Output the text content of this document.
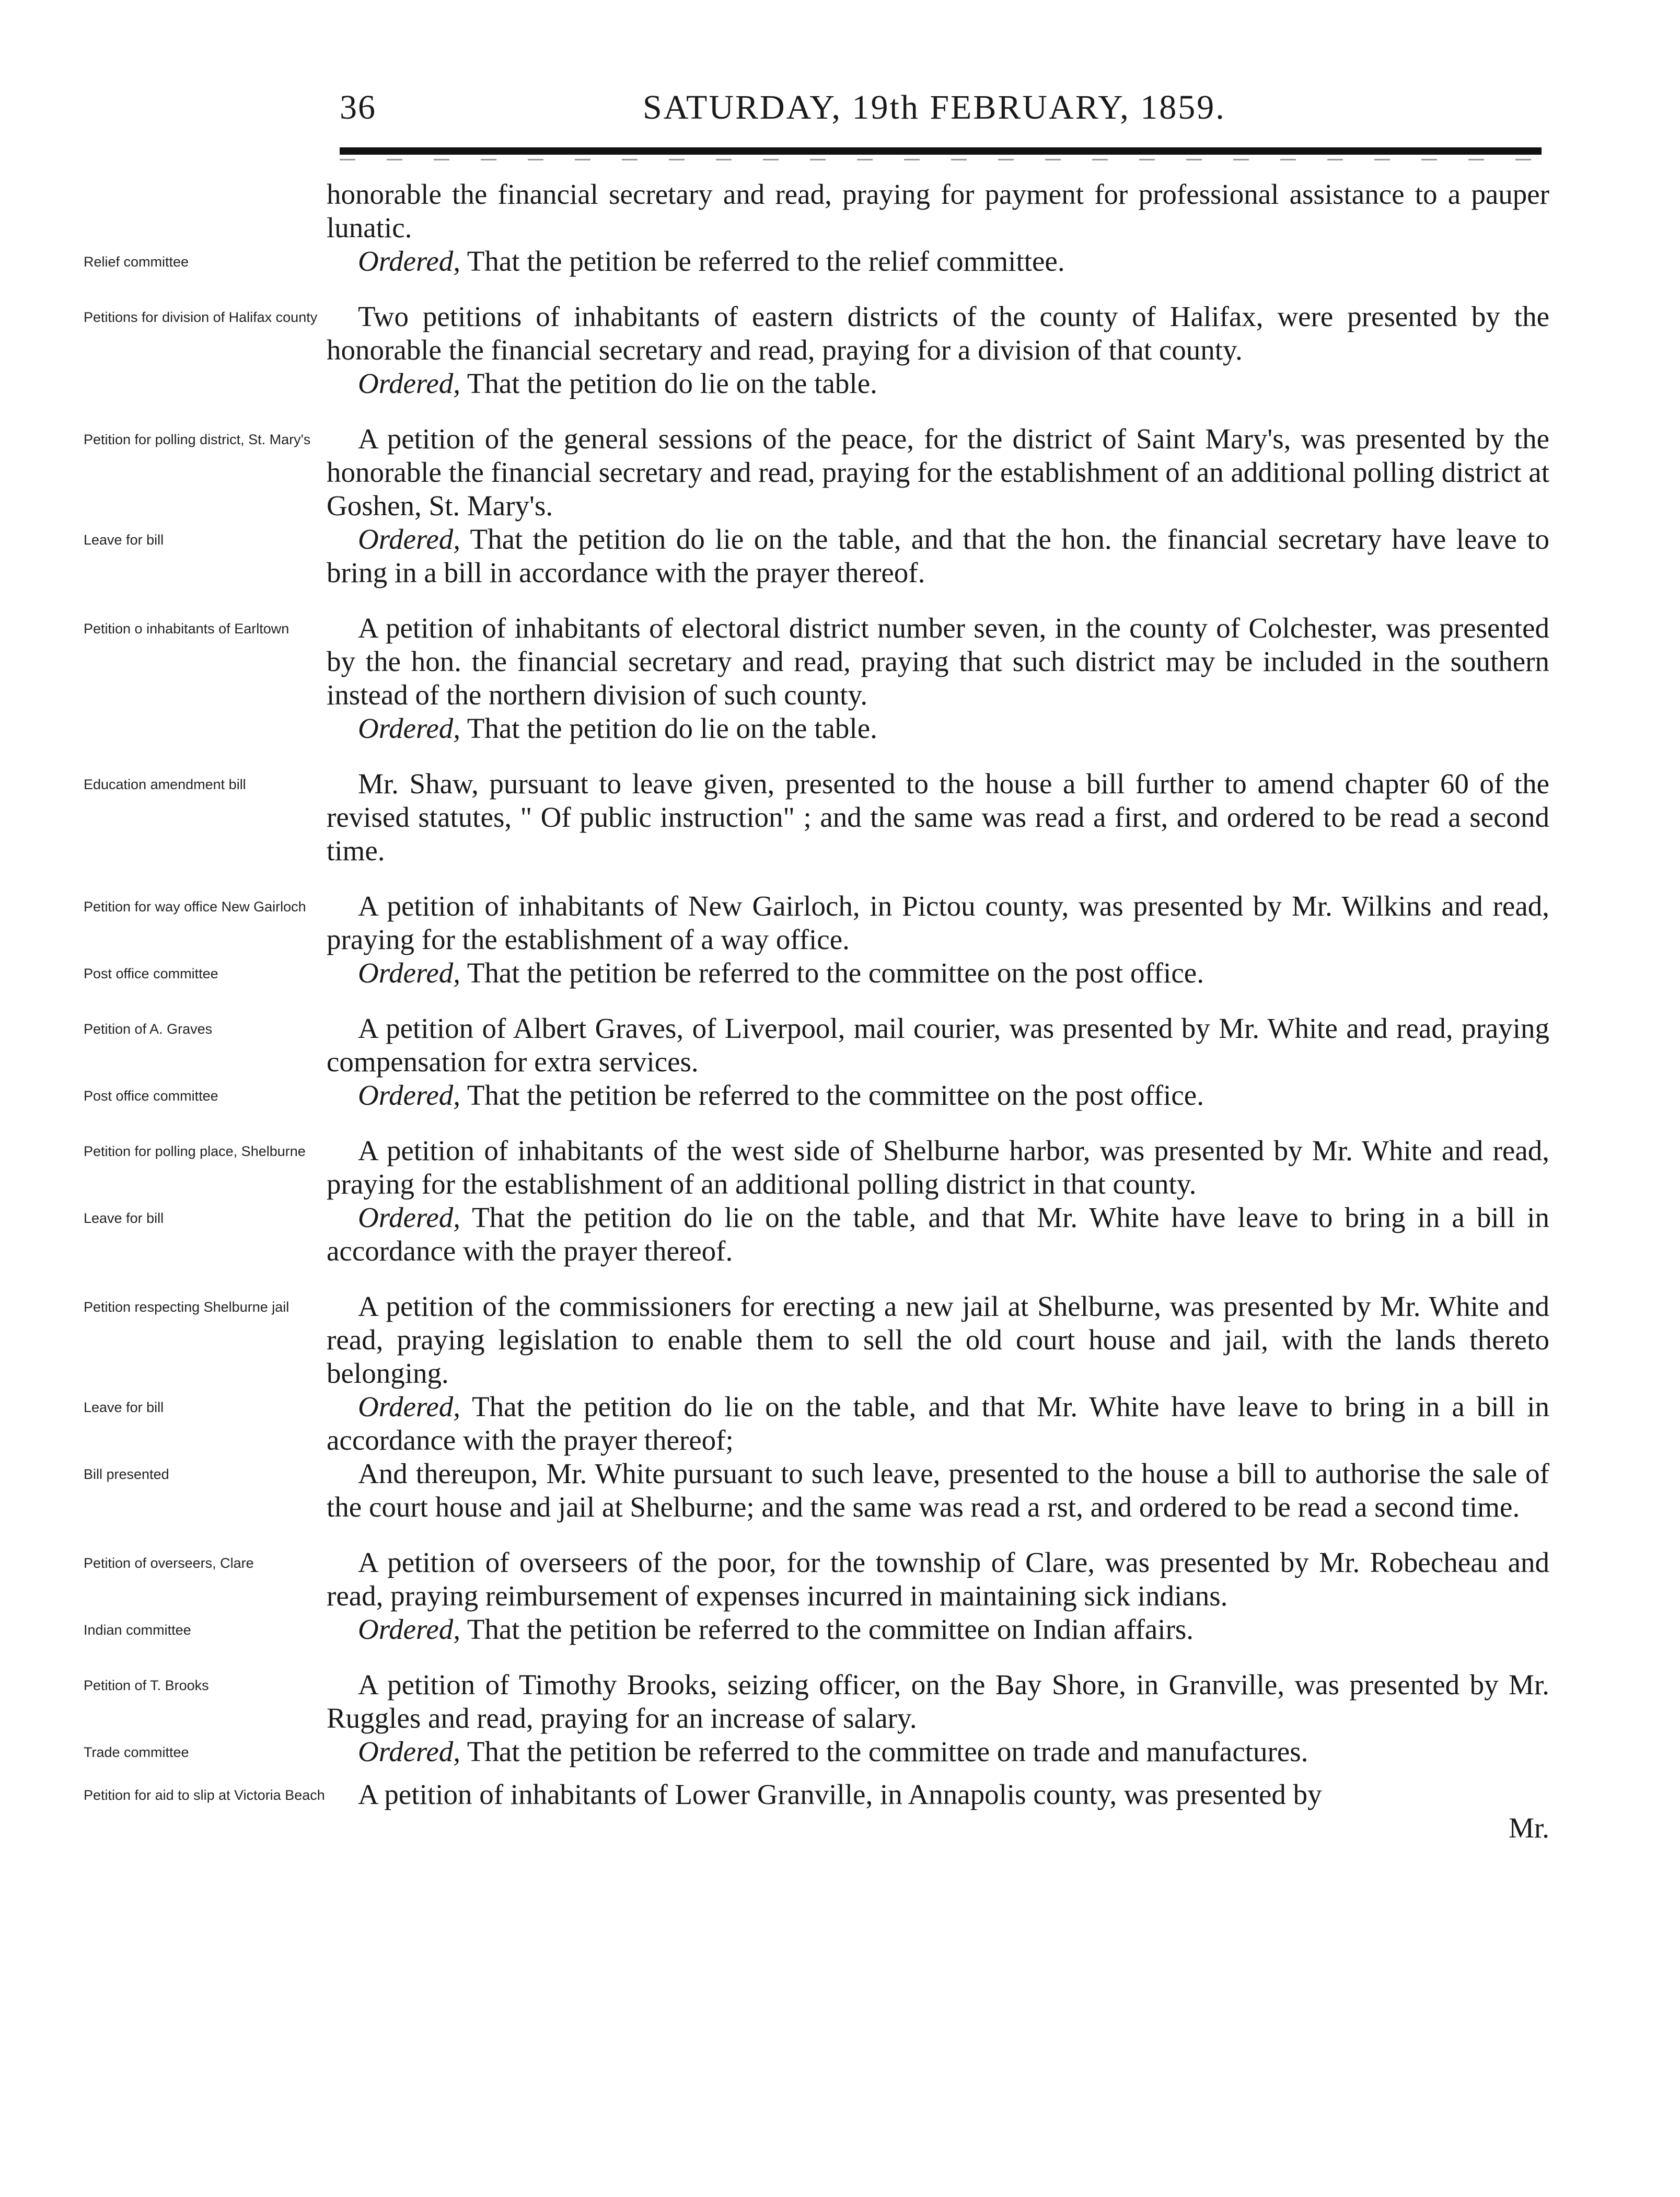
36	SATURDAY, 19th FEBRUARY, 1859.
honorable the financial secretary and read, praying for payment for professional assistance to a pauper lunatic.
Relief committee	Ordered, That the petition be referred to the relief committee.
Petitions for division of Halifax county	Two petitions of inhabitants of eastern districts of the county of Halifax, were presented by the honorable the financial secretary and read, praying for a division of that county.
Ordered, That the petition do lie on the table.
Petition for polling district, St. Mary's	A petition of the general sessions of the peace, for the district of Saint Mary's, was presented by the honorable the financial secretary and read, praying for the establishment of an additional polling district at Goshen, St. Mary's.
Leave for bill	Ordered, That the petition do lie on the table, and that the hon. the financial secretary have leave to bring in a bill in accordance with the prayer thereof.
Petition o inhabitants of Earltown	A petition of inhabitants of electoral district number seven, in the county of Colchester, was presented by the hon. the financial secretary and read, praying that such district may be included in the southern instead of the northern division of such county.
Ordered, That the petition do lie on the table.
Education amendment bill	Mr. Shaw, pursuant to leave given, presented to the house a bill further to amend chapter 60 of the revised statutes, " Of public instruction" ; and the same was read a first, and ordered to be read a second time.
Petition for way office New Gairloch	A petition of inhabitants of New Gairloch, in Pictou county, was presented by Mr. Wilkins and read, praying for the establishment of a way office.
Post office committee	Ordered, That the petition be referred to the committee on the post office.
Petition of A. Graves	A petition of Albert Graves, of Liverpool, mail courier, was presented by Mr. White and read, praying compensation for extra services.
Post office committee	Ordered, That the petition be referred to the committee on the post office.
Petition for polling place, Shelburne	A petition of inhabitants of the west side of Shelburne harbor, was presented by Mr. White and read, praying for the establishment of an additional polling district in that county.
Leave for bill	Ordered, That the petition do lie on the table, and that Mr. White have leave to bring in a bill in accordance with the prayer thereof.
Petition respecting Shelburne jail	A petition of the commissioners for erecting a new jail at Shelburne, was presented by Mr. White and read, praying legislation to enable them to sell the old court house and jail, with the lands thereto belonging.
Leave for bill	Ordered, That the petition do lie on the table, and that Mr. White have leave to bring in a bill in accordance with the prayer thereof;
Bill presented	And thereupon, Mr. White pursuant to such leave, presented to the house a bill to authorise the sale of the court house and jail at Shelburne; and the same was read a rst, and ordered to be read a second time.
Petition of overseers, Clare	A petition of overseers of the poor, for the township of Clare, was presented by Mr. Robecheau and read, praying reimbursement of expenses incurred in maintaining sick indians.
Indian committee	Ordered, That the petition be referred to the committee on Indian affairs.
Petition of T. Brooks	A petition of Timothy Brooks, seizing officer, on the Bay Shore, in Granville, was presented by Mr. Ruggles and read, praying for an increase of salary.
Trade committee	Ordered, That the petition be referred to the committee on trade and manufactures.
Petition for aid to slip at Victoria Beach	A petition of inhabitants of Lower Granville, in Annapolis county, was presented by
Mr.
